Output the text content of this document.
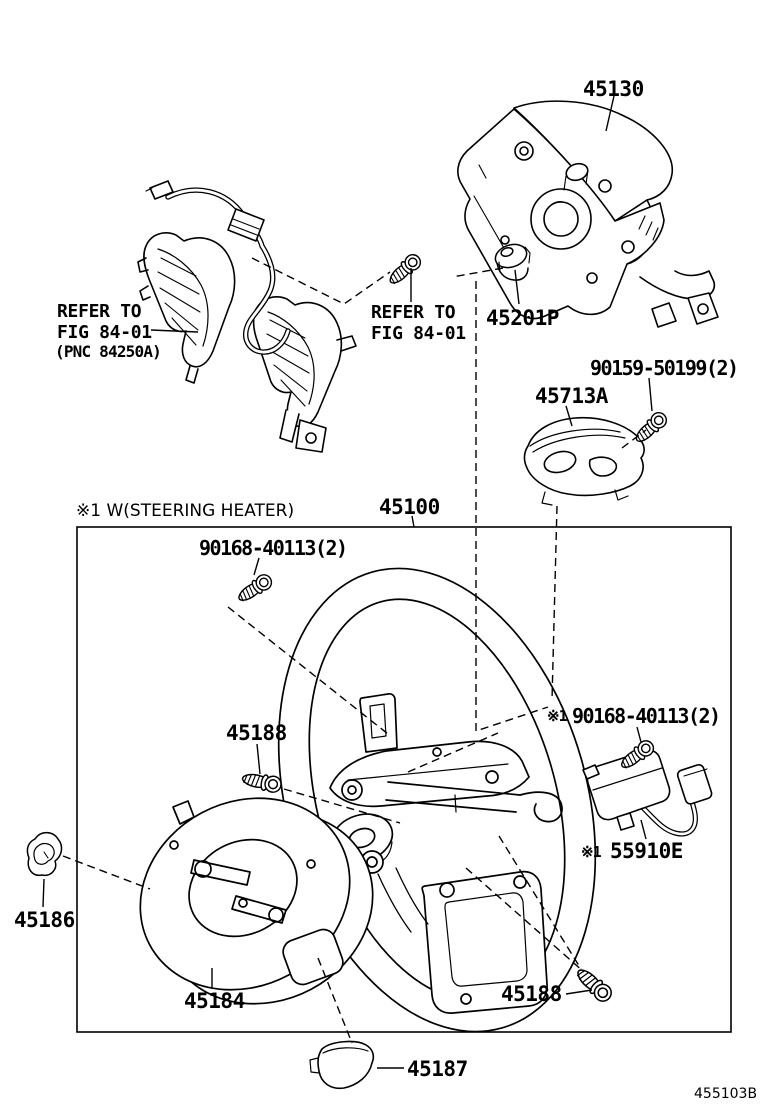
45130
REFER TO
FIG 84-01
(PNC 84250A)
REFER TO
FIG 84-01
45201P
90159-50199(2)
45713A
45100
※1 W(STEERING HEATER)
90168-40113(2)
45188
※1 90168-40113(2)
※1 55910E
45186
45184	45188
45187
455103B
